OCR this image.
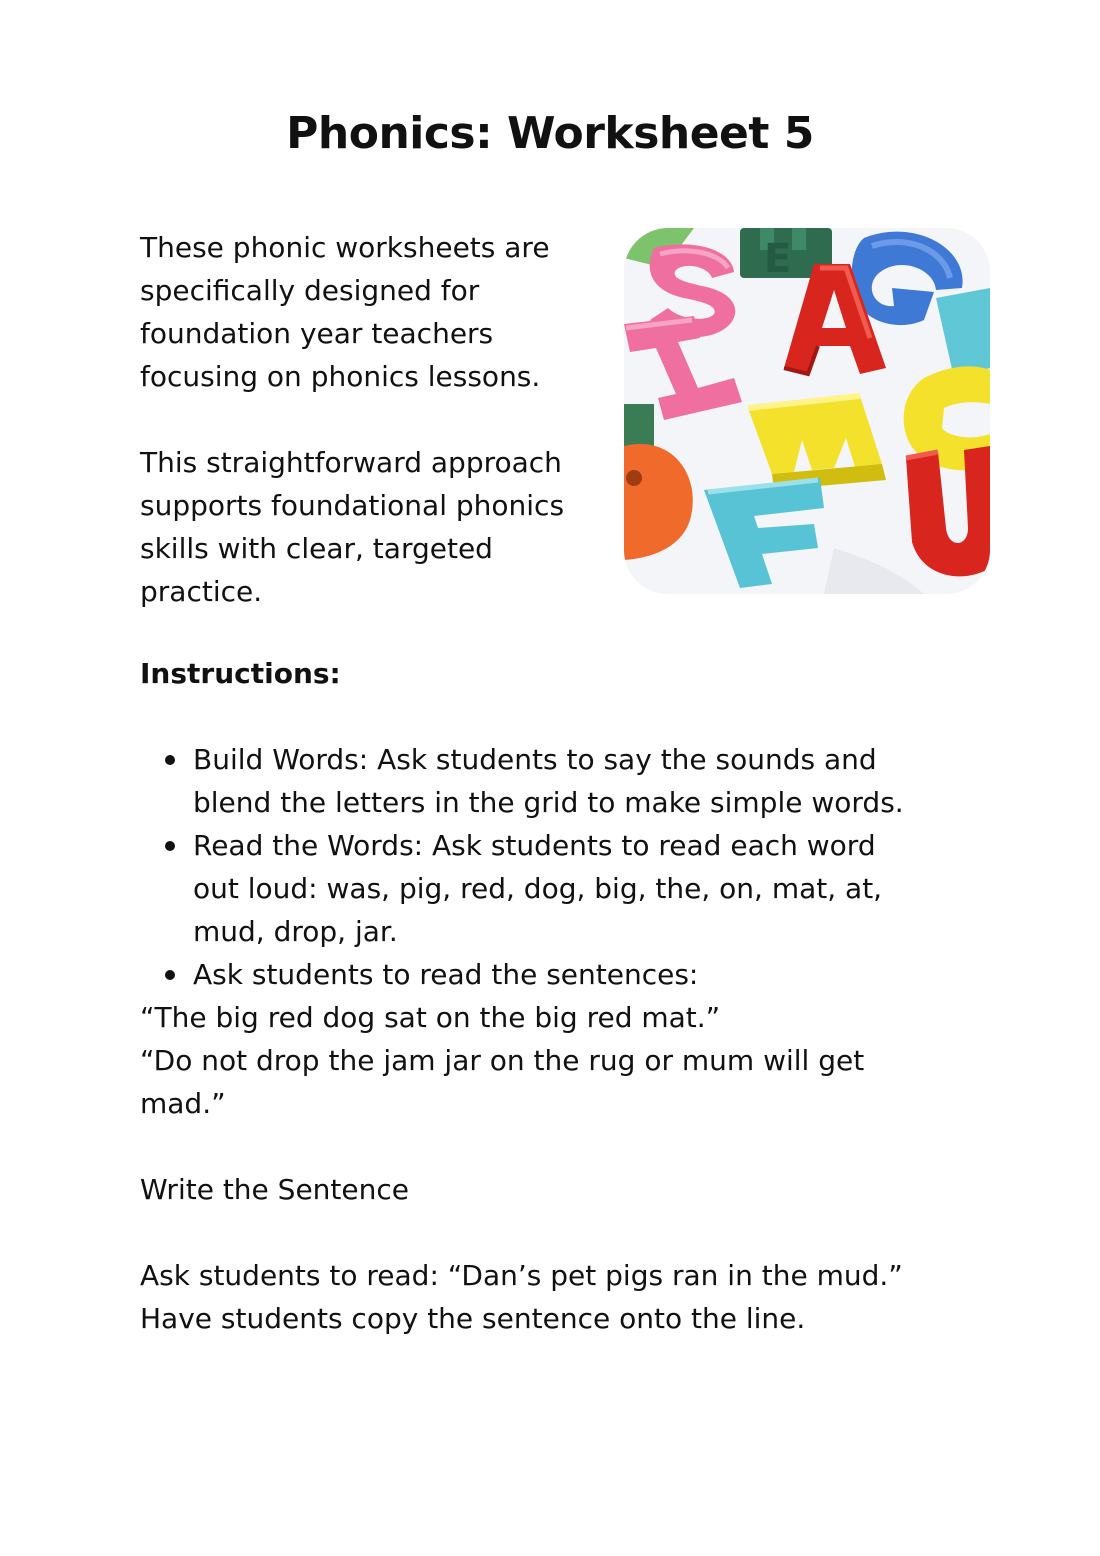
Phonics: Worksheet 5

These phonic worksheets are specifically designed for foundation year teachers focusing on phonics lessons.

This straightforward approach supports foundational phonics skills with clear, targeted practice.

E
Instructions:
Build Words: Ask students to say the sounds and blend the letters in the grid to make simple words.
Read the Words: Ask students to read each word out loud: was, pig, red, dog, big, the, on, mat, at, mud, drop, jar.
Ask students to read the sentences:

“The big red dog sat on the big red mat.”

“Do not drop the jam jar on the rug or mum will get mad.”

Write the Sentence

Ask students to read: “Dan’s pet pigs ran in the mud.”
Have students copy the sentence onto the line.
